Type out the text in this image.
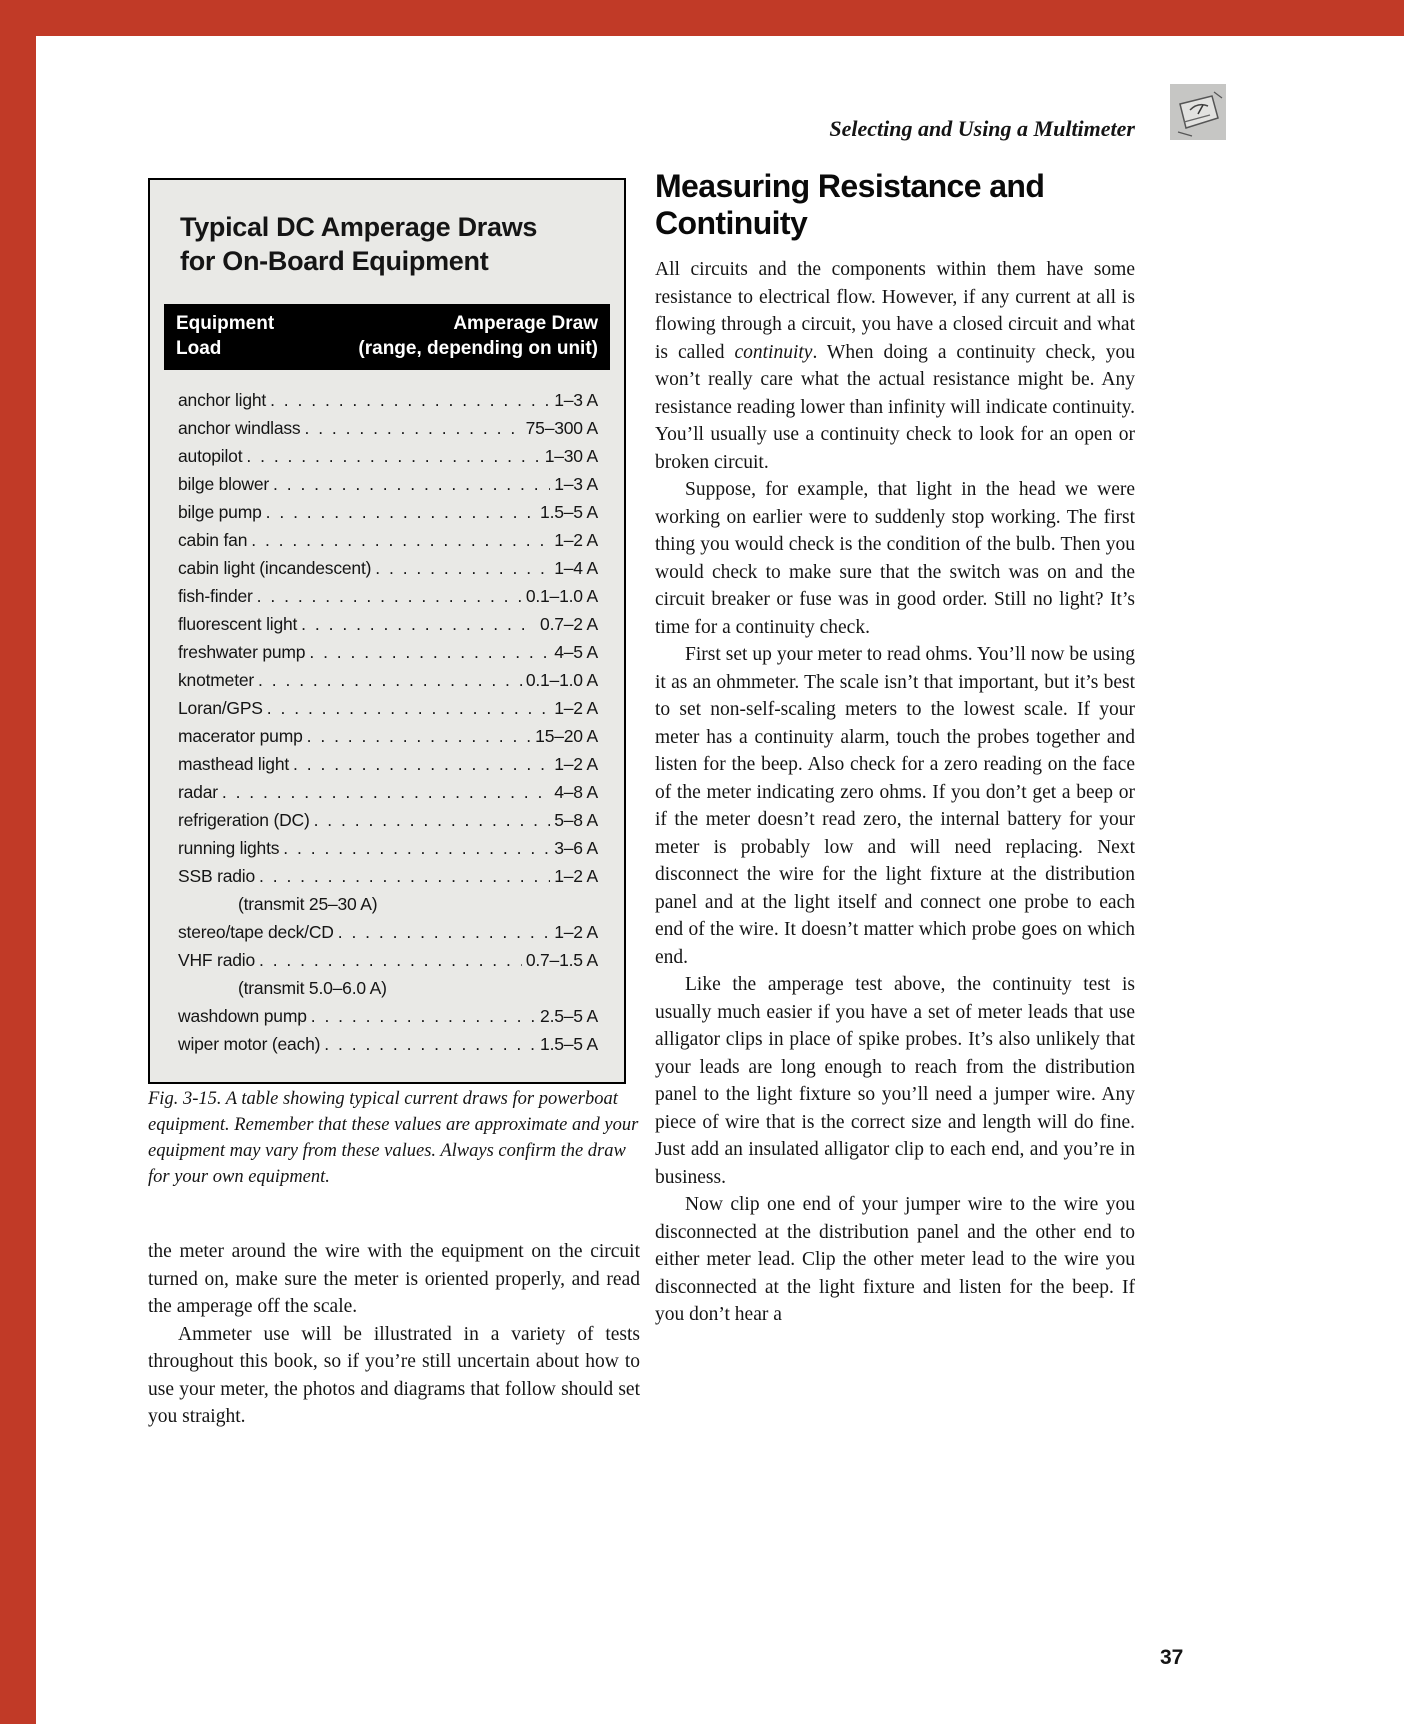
Selecting and Using a Multimeter
Typical DC Amperage Draws
for On-Board Equipment
Equipment	Amperage Draw
Load	(range, depending on unit)
anchor light . . .	1–3 A
anchor windlass . . .	75–300 A
autopilot . . .	1–30 A
bilge blower . . .	1–3 A
bilge pump . . .	1.5–5 A
cabin fan . . .	1–2 A
cabin light (incandescent) . . .	1–4 A
fish-finder . . .	0.1–1.0 A
fluorescent light . . .	0.7–2 A
freshwater pump . . .	4–5 A
knotmeter . . .	0.1–1.0 A
Loran/GPS . . .	1–2 A
macerator pump . . .	15–20 A
masthead light . . .	1–2 A
radar . . .	4–8 A
refrigeration (DC) . . .	5–8 A
running lights . . .	3–6 A
SSB radio . . .	1–2 A
(transmit 25–30 A)
stereo/tape deck/CD . . .	1–2 A
VHF radio . . .	0.7–1.5 A
(transmit 5.0–6.0 A)
washdown pump . . .	2.5–5 A
wiper motor (each) . . .	1.5–5 A
Fig. 3-15. A table showing typical current draws for powerboat equipment. Remember that these values are approximate and your equipment may vary from these values. Always confirm the draw for your own equipment.

the meter around the wire with the equipment on the circuit turned on, make sure the meter is oriented properly, and read the amperage off the scale.

Ammeter use will be illustrated in a variety of tests throughout this book, so if you’re still uncertain about how to use your meter, the photos and diagrams that follow should set you straight.

Measuring Resistance and Continuity

All circuits and the components within them have some resistance to electrical flow. However, if any current at all is flowing through a circuit, you have a closed circuit and what is called continuity. When doing a continuity check, you won’t really care what the actual resistance might be. Any resistance reading lower than infinity will indicate continuity. You’ll usually use a continuity check to look for an open or broken circuit.

Suppose, for example, that light in the head we were working on earlier were to suddenly stop working. The first thing you would check is the condition of the bulb. Then you would check to make sure that the switch was on and the circuit breaker or fuse was in good order. Still no light? It’s time for a continuity check.

First set up your meter to read ohms. You’ll now be using it as an ohmmeter. The scale isn’t that important, but it’s best to set non-self-scaling meters to the lowest scale. If your meter has a continuity alarm, touch the probes together and listen for the beep. Also check for a zero reading on the face of the meter indicating zero ohms. If you don’t get a beep or if the meter doesn’t read zero, the internal battery for your meter is probably low and will need replacing. Next disconnect the wire for the light fixture at the distribution panel and at the light itself and connect one probe to each end of the wire. It doesn’t matter which probe goes on which end.

Like the amperage test above, the continuity test is usually much easier if you have a set of meter leads that use alligator clips in place of spike probes. It’s also unlikely that your leads are long enough to reach from the distribution panel to the light fixture so you’ll need a jumper wire. Any piece of wire that is the correct size and length will do fine. Just add an insulated alligator clip to each end, and you’re in business.

Now clip one end of your jumper wire to the wire you disconnected at the distribution panel and the other end to either meter lead. Clip the other meter lead to the wire you disconnected at the light fixture and listen for the beep. If you don’t hear a

37
